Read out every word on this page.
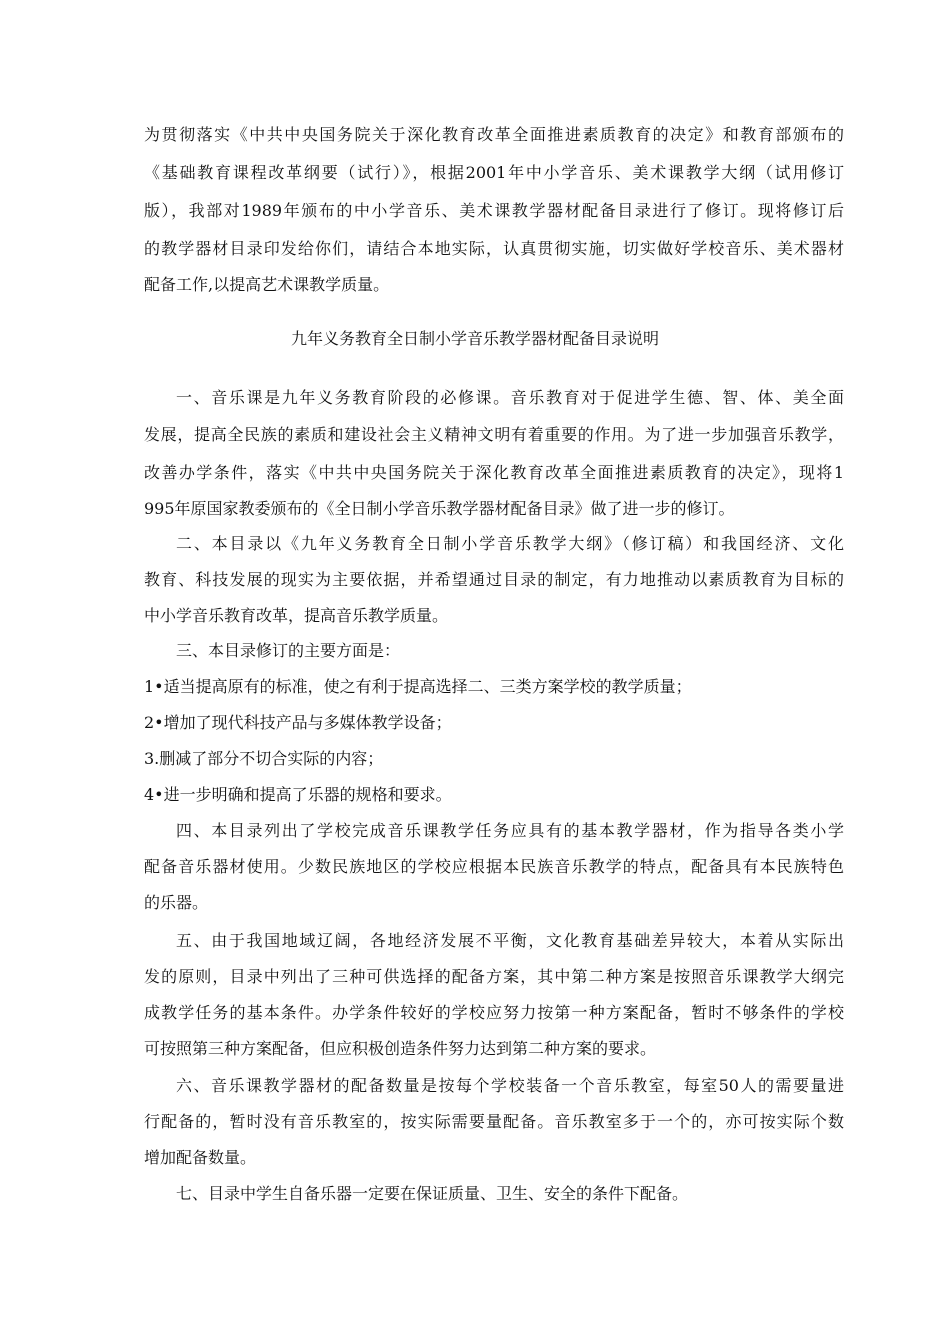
为贯彻落实《中共中央国务院关于深化教育改革全面推进素质教育的决定》和教育部颁布的
《基础教育课程改革纲要（试行）》，根据2001年中小学音乐、美术课教学大纲（试用修订
版），我部对1989年颁布的中小学音乐、美术课教学器材配备目录进行了修订。现将修订后
的教学器材目录印发给你们，请结合本地实际，认真贯彻实施，切实做好学校音乐、美术器材
配备工作,以提高艺术课教学质量。
九年义务教育全日制小学音乐教学器材配备目录说明
一、音乐课是九年义务教育阶段的必修课。音乐教育对于促进学生德、智、体、美全面
发展，提高全民族的素质和建设社会主义精神文明有着重要的作用。为了进一步加强音乐教学，
改善办学条件，落实《中共中央国务院关于深化教育改革全面推进素质教育的决定》，现将1
995年原国家教委颁布的《全日制小学音乐教学器材配备目录》做了进一步的修订。
二、本目录以《九年义务教育全日制小学音乐教学大纲》（修订稿）和我国经济、文化
教育、科技发展的现实为主要依据，并希望通过目录的制定，有力地推动以素质教育为目标的
中小学音乐教育改革，提高音乐教学质量。
三、本目录修订的主要方面是：
1•适当提高原有的标准，使之有利于提高选择二、三类方案学校的教学质量；
2•增加了现代科技产品与多媒体教学设备；
3.删减了部分不切合实际的内容；
4•进一步明确和提高了乐器的规格和要求。
四、本目录列出了学校完成音乐课教学任务应具有的基本教学器材，作为指导各类小学
配备音乐器材使用。少数民族地区的学校应根据本民族音乐教学的特点，配备具有本民族特色
的乐器。
五、由于我国地域辽阔，各地经济发展不平衡，文化教育基础差异较大，本着从实际出
发的原则，目录中列出了三种可供选择的配备方案，其中第二种方案是按照音乐课教学大纲完
成教学任务的基本条件。办学条件较好的学校应努力按第一种方案配备，暂时不够条件的学校
可按照第三种方案配备，但应积极创造条件努力达到第二种方案的要求。
六、音乐课教学器材的配备数量是按每个学校装备一个音乐教室，每室50人的需要量进
行配备的，暂时没有音乐教室的，按实际需要量配备。音乐教室多于一个的，亦可按实际个数
增加配备数量。
七、目录中学生自备乐器一定要在保证质量、卫生、安全的条件下配备。
